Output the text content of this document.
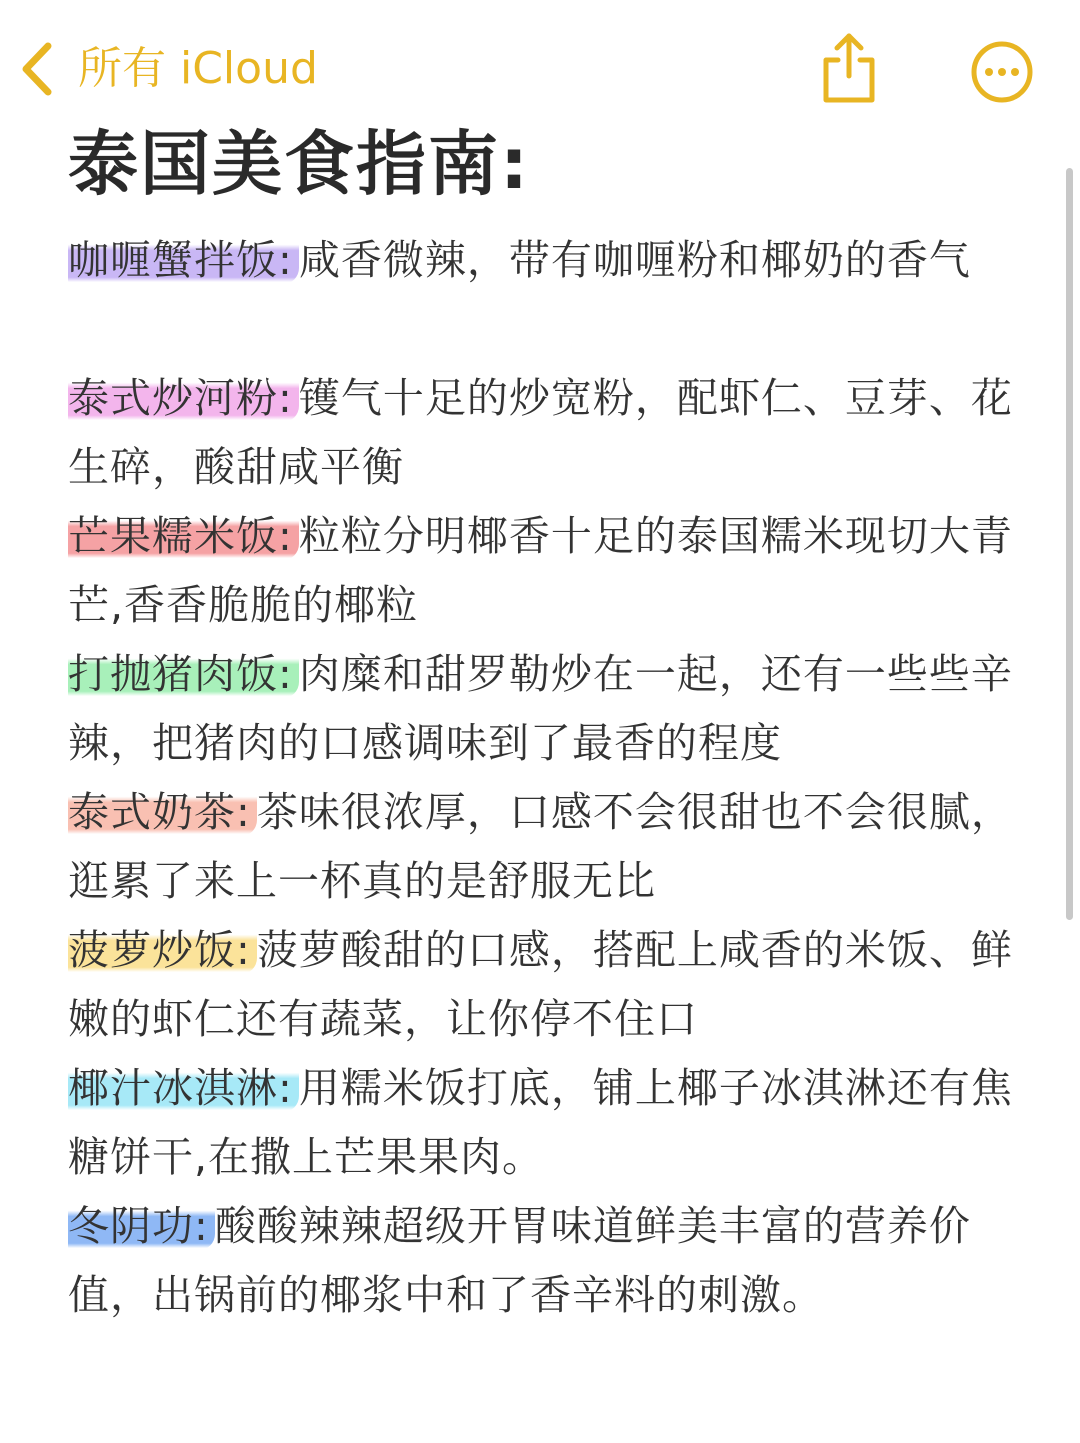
所有 iCloud
泰国美食指南:
咖喱蟹拌饭: 咸香微辣，带有咖喱粉和椰奶的香气
泰式炒河粉: 镬气十足的炒宽粉，配虾仁、豆芽、花生碎，酸甜咸平衡
芒果糯米饭: 粒粒分明椰香十足的泰国糯米现切大青芒,香香脆脆的椰粒
打抛猪肉饭: 肉糜和甜罗勒炒在一起，还有一些些辛辣，把猪肉的口感调味到了最香的程度
泰式奶茶: 茶味很浓厚，口感不会很甜也不会很腻，逛累了来上一杯真的是舒服无比
菠萝炒饭: 菠萝酸甜的口感，搭配上咸香的米饭、鲜嫩的虾仁还有蔬菜，让你停不住口
椰汁冰淇淋: 用糯米饭打底，铺上椰子冰淇淋还有焦糖饼干,在撒上芒果果肉。
冬阴功: 酸酸辣辣超级开胃味道鲜美丰富的营养价值，出锅前的椰浆中和了香辛料的刺激。
